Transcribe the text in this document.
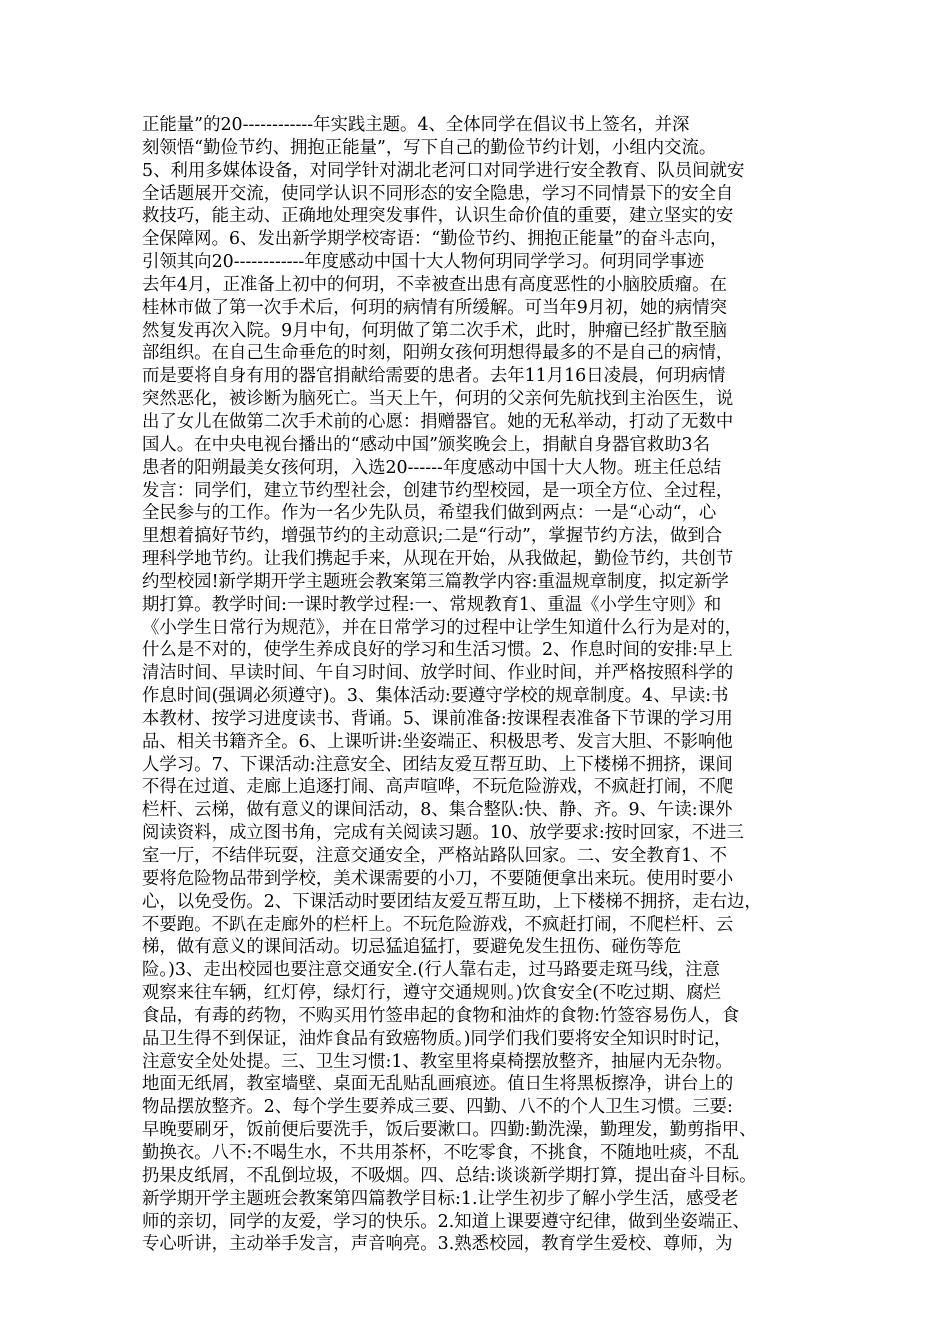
正能量”的20------------年实践主题。4、全体同学在倡议书上签名，并深
刻领悟“勤俭节约、拥抱正能量”，写下自己的勤俭节约计划，小组内交流。
5、利用多媒体设备，对同学针对湖北老河口对同学进行安全教育、队员间就安
全话题展开交流，使同学认识不同形态的安全隐患，学习不同情景下的安全自
救技巧，能主动、正确地处理突发事件，认识生命价值的重要，建立坚实的安
全保障网。6、发出新学期学校寄语：“勤俭节约、拥抱正能量”的奋斗志向，
引领其向20------------年度感动中国十大人物何玥同学学习。何玥同学事迹
去年4月，正准备上初中的何玥，不幸被查出患有高度恶性的小脑胶质瘤。在
桂林市做了第一次手术后，何玥的病情有所缓解。可当年9月初，她的病情突
然复发再次入院。9月中旬，何玥做了第二次手术，此时，肿瘤已经扩散至脑
部组织。在自己生命垂危的时刻，阳朔女孩何玥想得最多的不是自己的病情，
而是要将自身有用的器官捐献给需要的患者。去年11月16日凌晨，何玥病情
突然恶化，被诊断为脑死亡。当天上午，何玥的父亲何先航找到主治医生，说
出了女儿在做第二次手术前的心愿：捐赠器官。她的无私举动，打动了无数中
国人。在中央电视台播出的“感动中国”颁奖晚会上，捐献自身器官救助3名
患者的阳朔最美女孩何玥，入选20------年度感动中国十大人物。班主任总结
发言：同学们，建立节约型社会，创建节约型校园，是一项全方位、全过程，
全民参与的工作。作为一名少先队员，希望我们做到两点：一是“心动“，心
里想着搞好节约，增强节约的主动意识;二是“行动”，掌握节约方法，做到合
理科学地节约。让我们携起手来，从现在开始，从我做起，勤俭节约，共创节
约型校园!新学期开学主题班会教案第三篇教学内容:重温规章制度，拟定新学
期打算。教学时间:一课时教学过程:一、常规教育1、重温《小学生守则》和
《小学生日常行为规范》，并在日常学习的过程中让学生知道什么行为是对的，
什么是不对的，使学生养成良好的学习和生活习惯。2、作息时间的安排:早上
清洁时间、早读时间、午自习时间、放学时间、作业时间，并严格按照科学的
作息时间(强调必须遵守)。3、集体活动:要遵守学校的规章制度。4、早读:书
本教材、按学习进度读书、背诵。5、课前准备:按课程表准备下节课的学习用
品、相关书籍齐全。6、上课听讲:坐姿端正、积极思考、发言大胆、不影响他
人学习。7、下课活动:注意安全、团结友爱互帮互助、上下楼梯不拥挤，课间
不得在过道、走廊上追逐打闹、高声喧哗，不玩危险游戏，不疯赶打闹，不爬
栏杆、云梯，做有意义的课间活动，8、集合整队:快、静、齐。9、午读:课外
阅读资料，成立图书角，完成有关阅读习题。10、放学要求:按时回家，不进三
室一厅，不结伴玩耍，注意交通安全，严格站路队回家。二、安全教育1、不
要将危险物品带到学校，美术课需要的小刀，不要随便拿出来玩。使用时要小
心，以免受伤。2、下课活动时要团结友爱互帮互助，上下楼梯不拥挤，走右边，
不要跑。不趴在走廊外的栏杆上。不玩危险游戏，不疯赶打闹，不爬栏杆、云
梯，做有意义的课间活动。切忌猛追猛打，要避免发生扭伤、碰伤等危
险。)3、走出校园也要注意交通安全.(行人靠右走，过马路要走斑马线，注意
观察来往车辆，红灯停，绿灯行，遵守交通规则。)饮食安全(不吃过期、腐烂
食品，有毒的药物，不购买用竹签串起的食物和油炸的食物:竹签容易伤人，食
品卫生得不到保证，油炸食品有致癌物质。)同学们我们要将安全知识时时记，
注意安全处处提。三、卫生习惯:1、教室里将桌椅摆放整齐，抽屉内无杂物。
地面无纸屑，教室墙壁、桌面无乱贴乱画痕迹。值日生将黑板擦净，讲台上的
物品摆放整齐。2、每个学生要养成三要、四勤、八不的个人卫生习惯。三要:
早晚要刷牙，饭前便后要洗手，饭后要漱口。四勤:勤洗澡，勤理发，勤剪指甲、
勤换衣。八不:不喝生水，不共用茶杯，不吃零食，不挑食，不随地吐痰，不乱
扔果皮纸屑，不乱倒垃圾，不吸烟。四、总结:谈谈新学期打算，提出奋斗目标。
新学期开学主题班会教案第四篇教学目标:1.让学生初步了解小学生活，感受老
师的亲切，同学的友爱，学习的快乐。2.知道上课要遵守纪律，做到坐姿端正、
专心听讲，主动举手发言，声音响亮。3.熟悉校园，教育学生爱校、尊师，为
